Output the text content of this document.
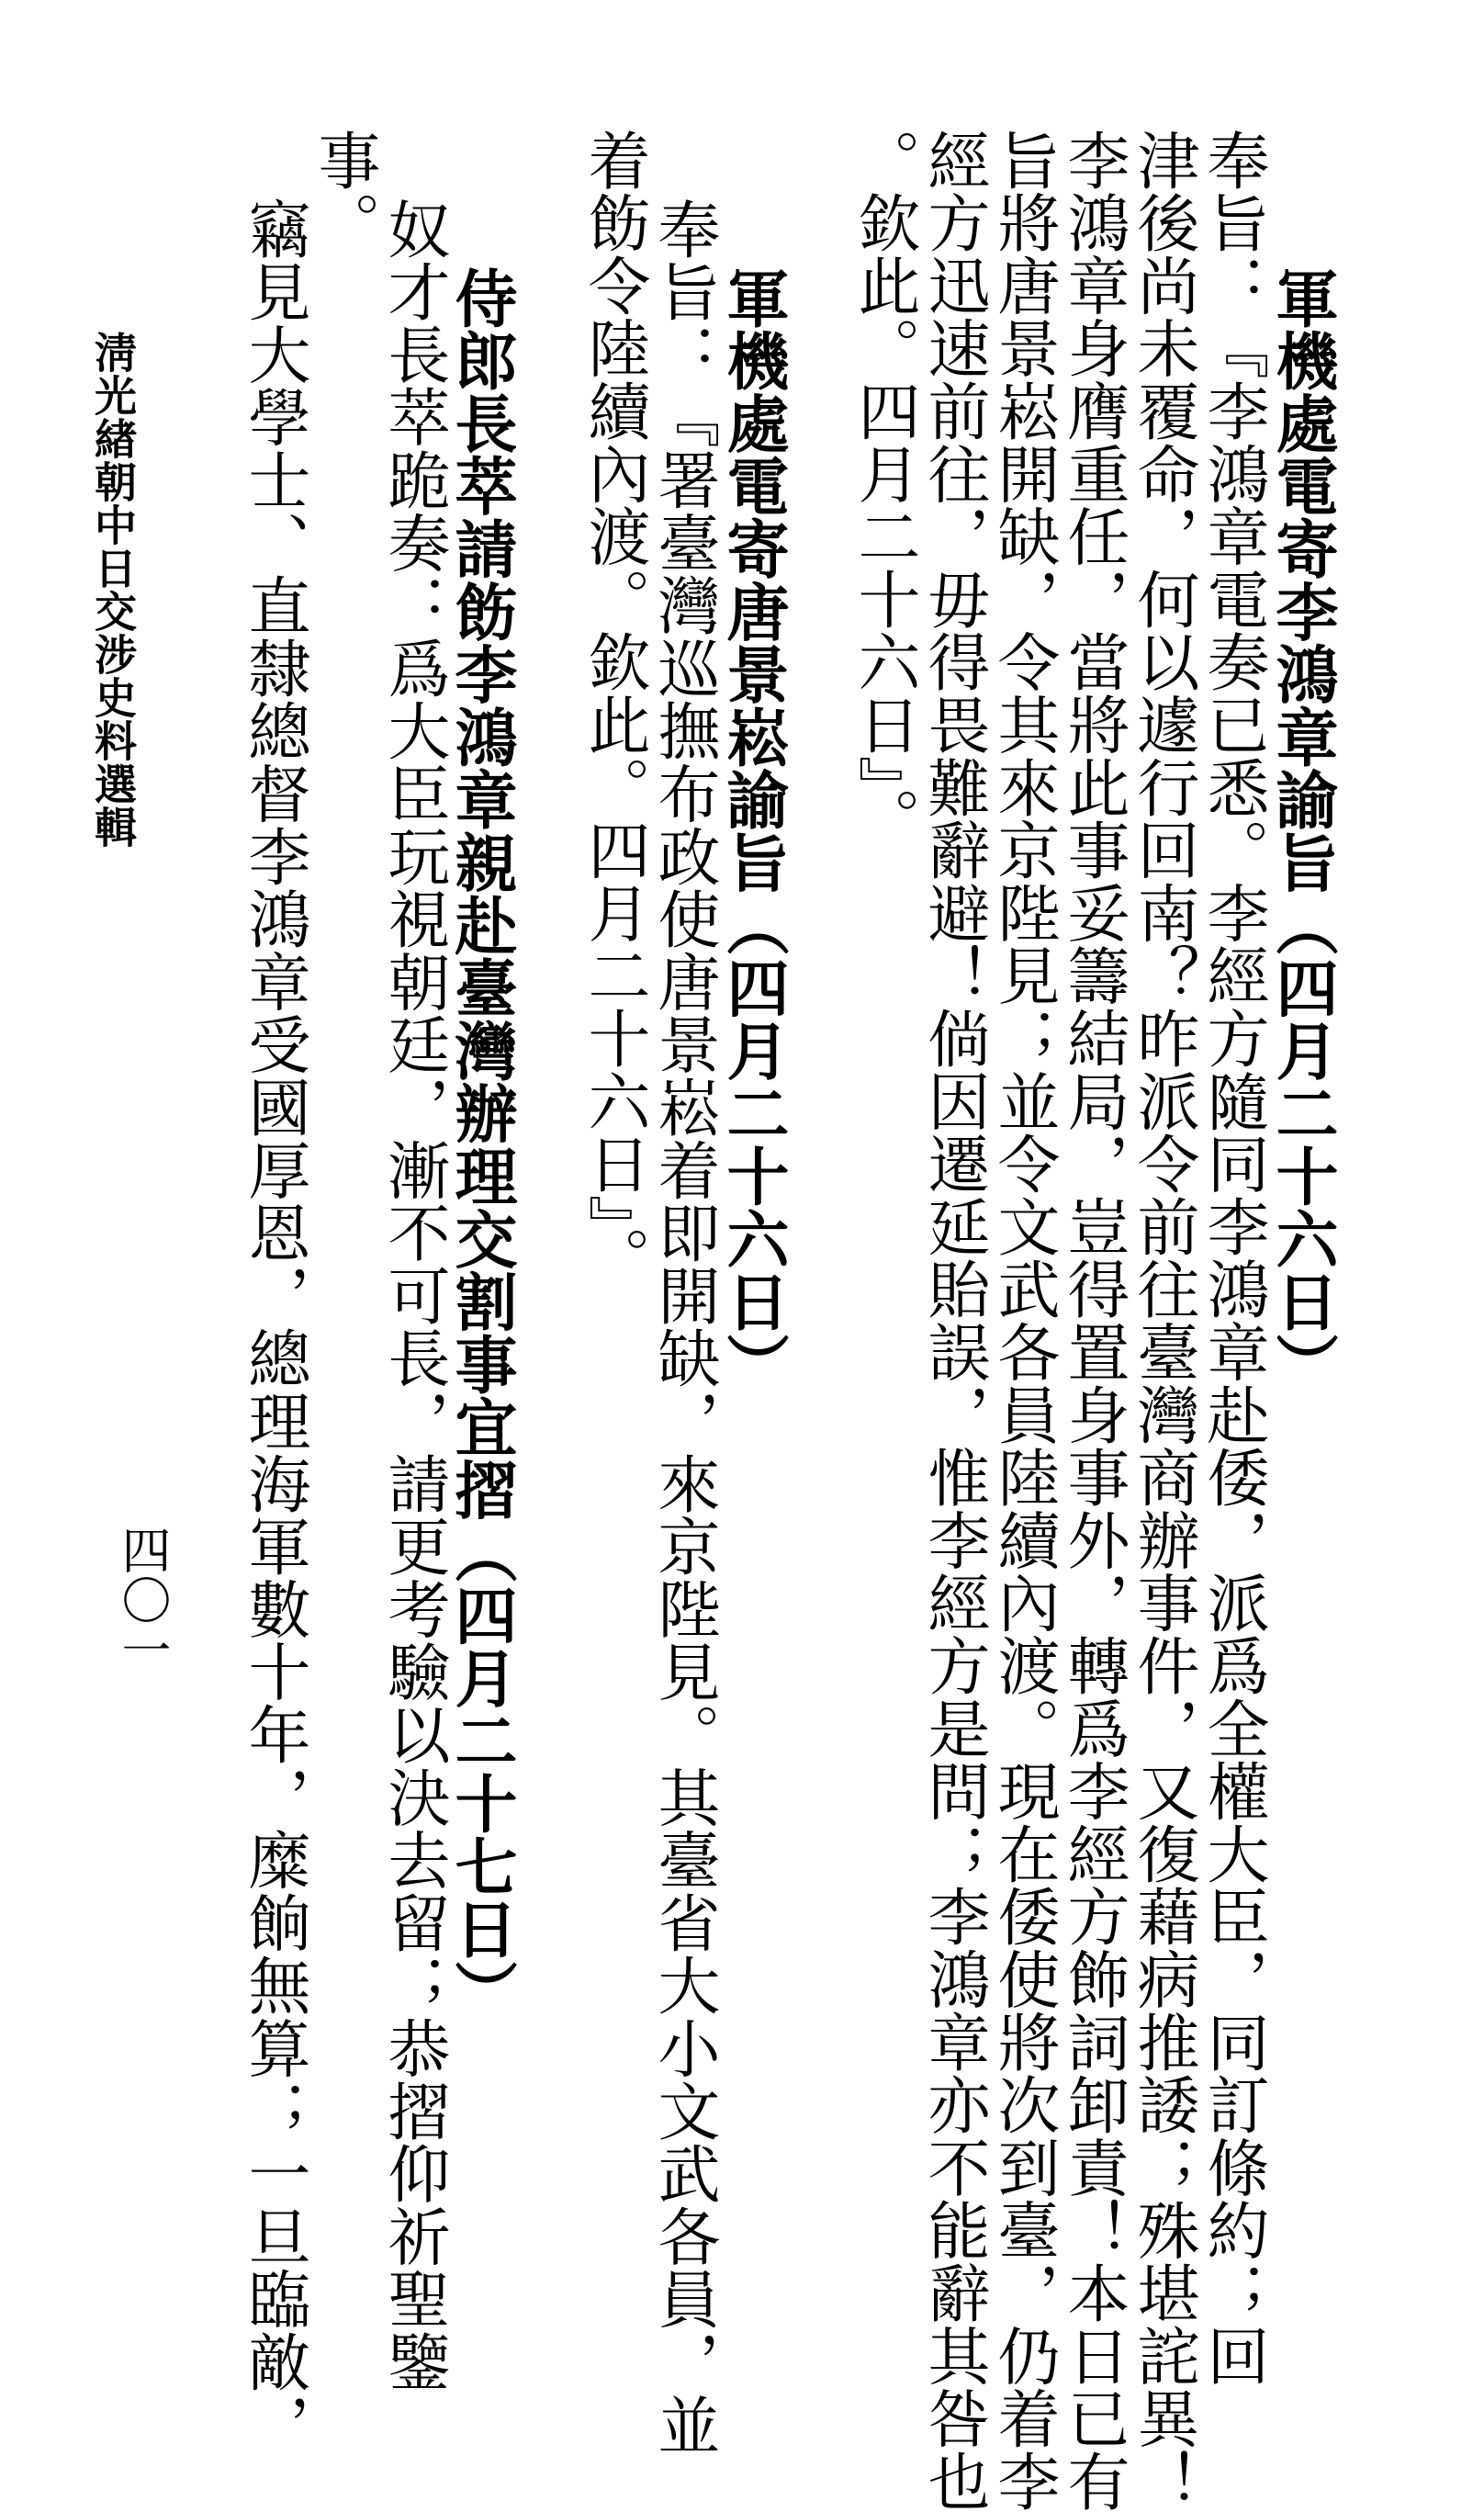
軍機處電寄李鴻章諭旨（四月二十六日）
奉旨：『李鴻章電奏已悉。李經方隨同李鴻章赴倭，派爲全權大臣，同訂條約；回
津後尚未覆命，何以遽行回南？昨派令前往臺灣商辦事件，又復藉病推諉；殊堪詫異！
李鴻章身膺重任，當將此事妥籌結局，豈得置身事外，轉爲李經方飾詞卸責！本日已有
旨將唐景崧開缺，令其來京陛見；並令文武各員陸續內渡。現在倭使將次到臺，仍着李
經方迅速前往，毋得畏難辭避！倘因遷延貽誤，惟李經方是問；李鴻章亦不能辭其咎也
。欽此。四月二十六日』。
軍機處電寄唐景崧諭旨（四月二十六日）
奉旨：『署臺灣巡撫布政使唐景崧着即開缺，來京陛見。其臺省大小文武各員，並
着飭令陸續內渡。欽此。四月二十六日』。
侍郎長萃請飭李鴻章親赴臺灣辦理交割事宜摺（四月二十七日）
奴才長萃跪奏：爲大臣玩視朝廷，漸不可長，請更考驗以決去留；恭摺仰祈聖鑒
事。
竊見大學士、直隸總督李鴻章受國厚恩，總理海軍數十年，糜餉無算；一旦臨敵，
淸光緖朝中日交涉史料選輯
四〇一
